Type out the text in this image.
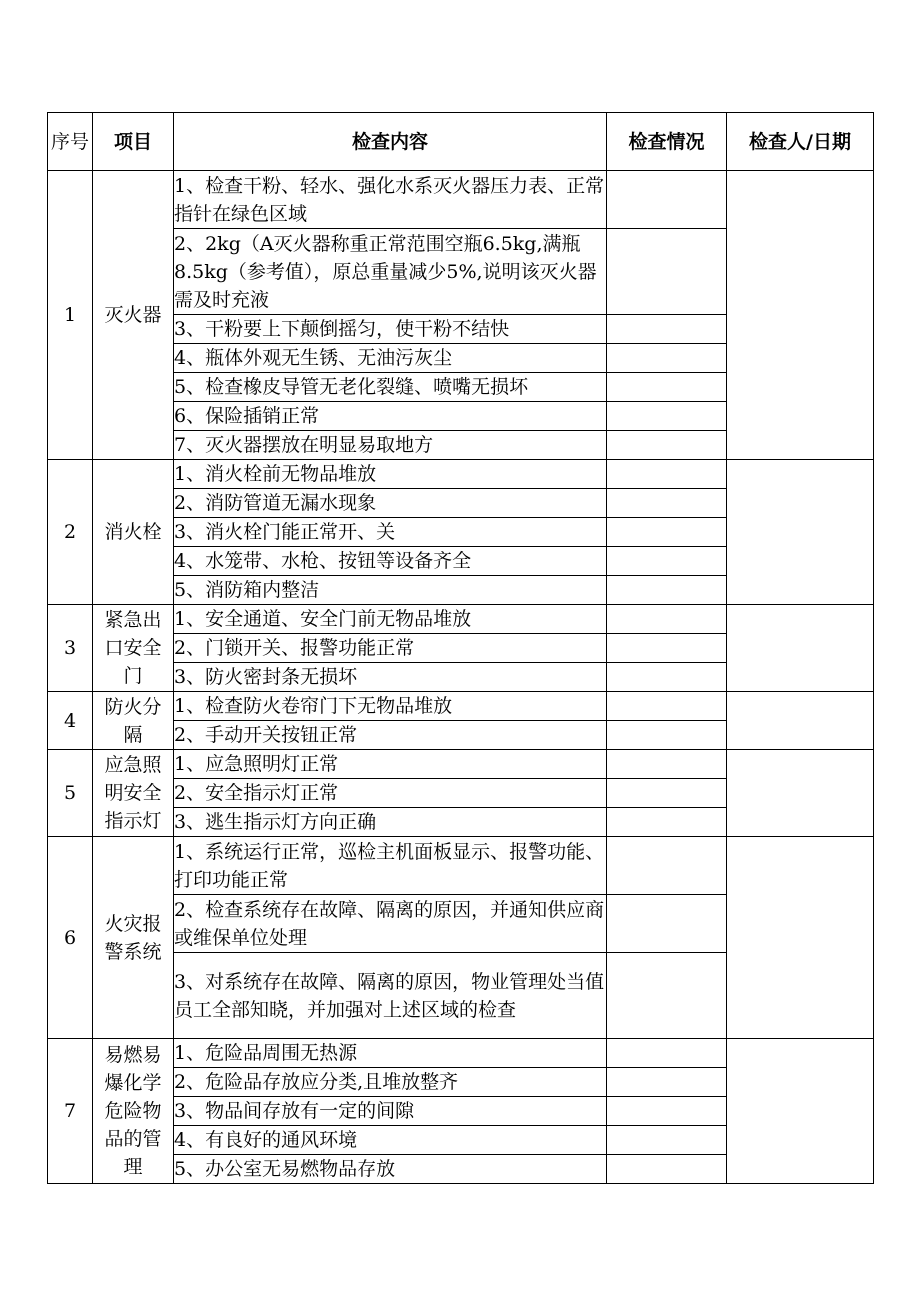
序号	项目	检查内容	检查情况	检查人/日期
1	灭火器	1、检查干粉、轻水、强化水系灭火器压力表、正常指针在绿色区域		
		2、2kg（A灭火器称重正常范围空瓶6.5kg,满瓶8.5kg（参考值），原总重量减少5%,说明该灭火器需及时充液		
		3、干粉要上下颠倒摇匀，使干粉不结快		
		4、瓶体外观无生锈、无油污灰尘		
		5、检查橡皮导管无老化裂缝、喷嘴无损坏		
		6、保险插销正常		
		7、灭火器摆放在明显易取地方		
2	消火栓	1、消火栓前无物品堆放		
		2、消防管道无漏水现象		
		3、消火栓门能正常开、关		
		4、水笼带、水枪、按钮等设备齐全		
		5、消防箱内整洁		
3	紧急出口安全门	1、安全通道、安全门前无物品堆放		
		2、门锁开关、报警功能正常		
		3、防火密封条无损坏		
4	防火分隔	1、检查防火卷帘门下无物品堆放		
		2、手动开关按钮正常		
5	应急照明安全指示灯	1、应急照明灯正常		
		2、安全指示灯正常		
		3、逃生指示灯方向正确		
6	火灾报警系统	1、系统运行正常，巡检主机面板显示、报警功能、打印功能正常		
		2、检查系统存在故障、隔离的原因，并通知供应商或维保单位处理		
		3、对系统存在故障、隔离的原因，物业管理处当值员工全部知晓，并加强对上述区域的检查		
7	易燃易爆化学危险物品的管理	1、危险品周围无热源		
		2、危险品存放应分类,且堆放整齐		
		3、物品间存放有一定的间隙		
		4、有良好的通风环境		
		5、办公室无易燃物品存放		
